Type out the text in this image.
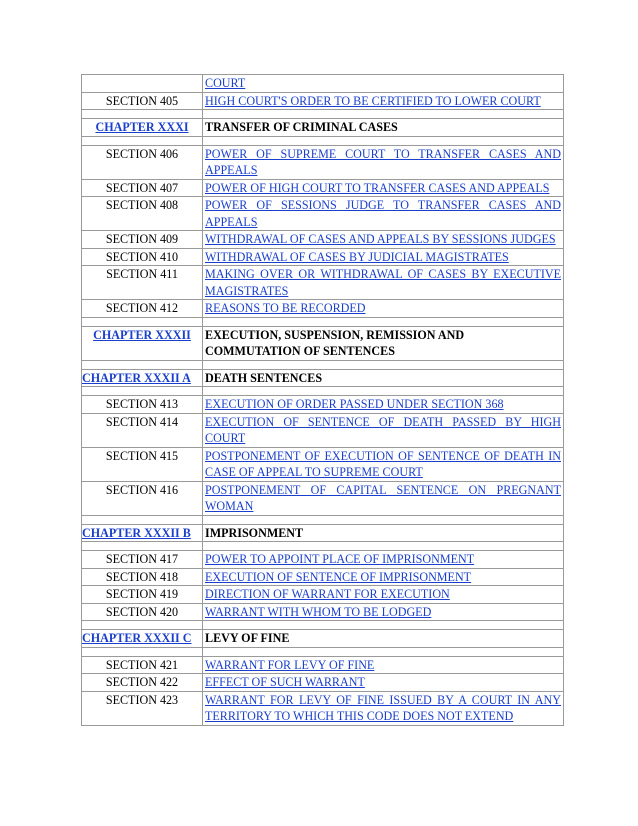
	COURT
SECTION 405	HIGH COURT'S ORDER TO BE CERTIFIED TO LOWER COURT

CHAPTER XXXI	TRANSFER OF CRIMINAL CASES

SECTION 406	POWER OF SUPREME COURT TO TRANSFER CASES AND APPEALS
SECTION 407	POWER OF HIGH COURT TO TRANSFER CASES AND APPEALS
SECTION 408	POWER OF SESSIONS JUDGE TO TRANSFER CASES AND APPEALS
SECTION 409	WITHDRAWAL OF CASES AND APPEALS BY SESSIONS JUDGES
SECTION 410	WITHDRAWAL OF CASES BY JUDICIAL MAGISTRATES
SECTION 411	MAKING OVER OR WITHDRAWAL OF CASES BY EXECUTIVE MAGISTRATES
SECTION 412	REASONS TO BE RECORDED

CHAPTER XXXII	EXECUTION, SUSPENSION, REMISSION AND COMMUTATION OF SENTENCES

CHAPTER XXXII A	DEATH SENTENCES

SECTION 413	EXECUTION OF ORDER PASSED UNDER SECTION 368
SECTION 414	EXECUTION OF SENTENCE OF DEATH PASSED BY HIGH COURT
SECTION 415	POSTPONEMENT OF EXECUTION OF SENTENCE OF DEATH IN CASE OF APPEAL TO SUPREME COURT
SECTION 416	POSTPONEMENT OF CAPITAL SENTENCE ON PREGNANT WOMAN

CHAPTER XXXII B	IMPRISONMENT

SECTION 417	POWER TO APPOINT PLACE OF IMPRISONMENT
SECTION 418	EXECUTION OF SENTENCE OF IMPRISONMENT
SECTION 419	DIRECTION OF WARRANT FOR EXECUTION
SECTION 420	WARRANT WITH WHOM TO BE LODGED

CHAPTER XXXII C	LEVY OF FINE

SECTION 421	WARRANT FOR LEVY OF FINE
SECTION 422	EFFECT OF SUCH WARRANT
SECTION 423	WARRANT FOR LEVY OF FINE ISSUED BY A COURT IN ANY TERRITORY TO WHICH THIS CODE DOES NOT EXTEND
